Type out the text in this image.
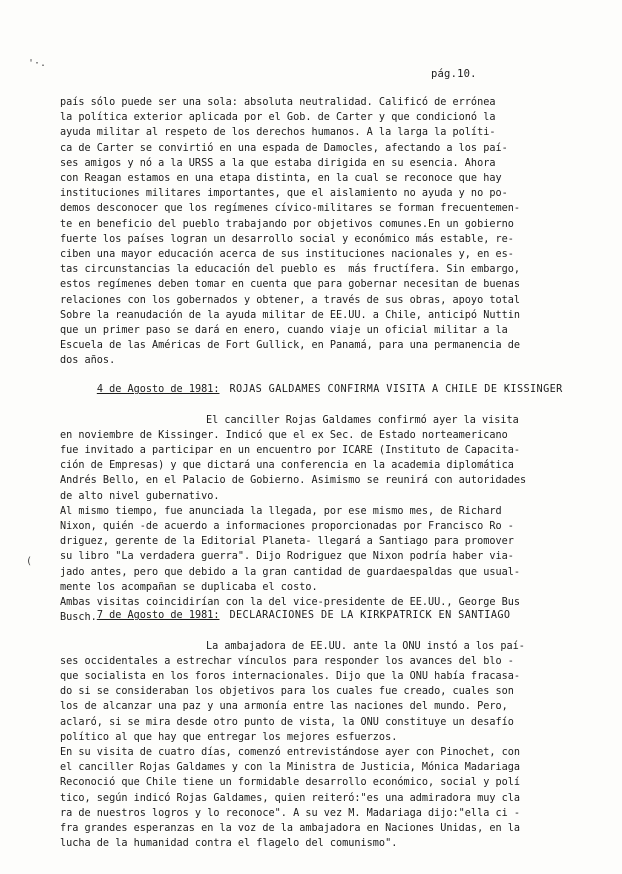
'·.
(
pág.10.
país sólo puede ser una sola: absoluta neutralidad. Calificó de errónea
la política exterior aplicada por el Gob. de Carter y que condicionó la
ayuda militar al respeto de los derechos humanos. A la larga la políti-
ca de Carter se convirtió en una espada de Damocles, afectando a los paí-
ses amigos y nó a la URSS a la que estaba dirigida en su esencia. Ahora
con Reagan estamos en una etapa distinta, en la cual se reconoce que hay
instituciones militares importantes, que el aislamiento no ayuda y no po-
demos desconocer que los regímenes cívico-militares se forman frecuentemen-
te en beneficio del pueblo trabajando por objetivos comunes.En un gobierno
fuerte los países logran un desarrollo social y económico más estable, re-
ciben una mayor educación acerca de sus instituciones nacionales y, en es-
tas circunstancias la educación del pueblo es  más fructífera. Sin embargo,
estos regímenes deben tomar en cuenta que para gobernar necesitan de buenas
relaciones con los gobernados y obtener, a través de sus obras, apoyo total
Sobre la reanudación de la ayuda militar de EE.UU. a Chile, anticipó Nuttin
que un primer paso se dará en enero, cuando viaje un oficial militar a la
Escuela de las Américas de Fort Gullick, en Panamá, para una permanencia de
dos años.

4 de Agosto de 1981: ROJAS GALDAMES CONFIRMA VISITA A CHILE DE KISSINGER

El canciller Rojas Galdames confirmó ayer la visita
en noviembre de Kissinger. Indicó que el ex Sec. de Estado norteamericano
fue invitado a participar en un encuentro por ICARE (Instituto de Capacita-
ción de Empresas) y que dictará una conferencia en la academia diplomática
Andrés Bello, en el Palacio de Gobierno. Asimismo se reunirá con autoridades
de alto nivel gubernativo.
Al mismo tiempo, fue anunciada la llegada, por ese mismo mes, de Richard
Nixon, quién -de acuerdo a informaciones proporcionadas por Francisco Ro -
driguez, gerente de la Editorial Planeta- llegará a Santiago para promover
su libro "La verdadera guerra". Dijo Rodriguez que Nixon podría haber via-
jado antes, pero que debido a la gran cantidad de guardaespaldas que usual-
mente los acompañan se duplicaba el costo.
Ambas visitas coincidirían con la del vice-presidente de EE.UU., George Bus
Busch. 7 de Agosto de 1981: DECLARACIONES DE LA KIRKPATRICK EN SANTIAGO

La ambajadora de EE.UU. ante la ONU instó a los paí-
ses occidentales a estrechar vínculos para responder los avances del blo -
que socialista en los foros internacionales. Dijo que la ONU había fracasa-
do si se consideraban los objetivos para los cuales fue creado, cuales son
los de alcanzar una paz y una armonía entre las naciones del mundo. Pero,
aclaró, si se mira desde otro punto de vista, la ONU constituye un desafío
político al que hay que entregar los mejores esfuerzos.
En su visita de cuatro días, comenzó entrevistándose ayer con Pinochet, con
el canciller Rojas Galdames y con la Ministra de Justicia, Mónica Madariaga
Reconoció que Chile tiene un formidable desarrollo económico, social y polí
tico, según indicó Rojas Galdames, quien reiteró:"es una admiradora muy cla
ra de nuestros logros y lo reconoce". A su vez M. Madariaga dijo:"ella ci -
fra grandes esperanzas en la voz de la ambajadora en Naciones Unidas, en la
lucha de la humanidad contra el flagelo del comunismo".
